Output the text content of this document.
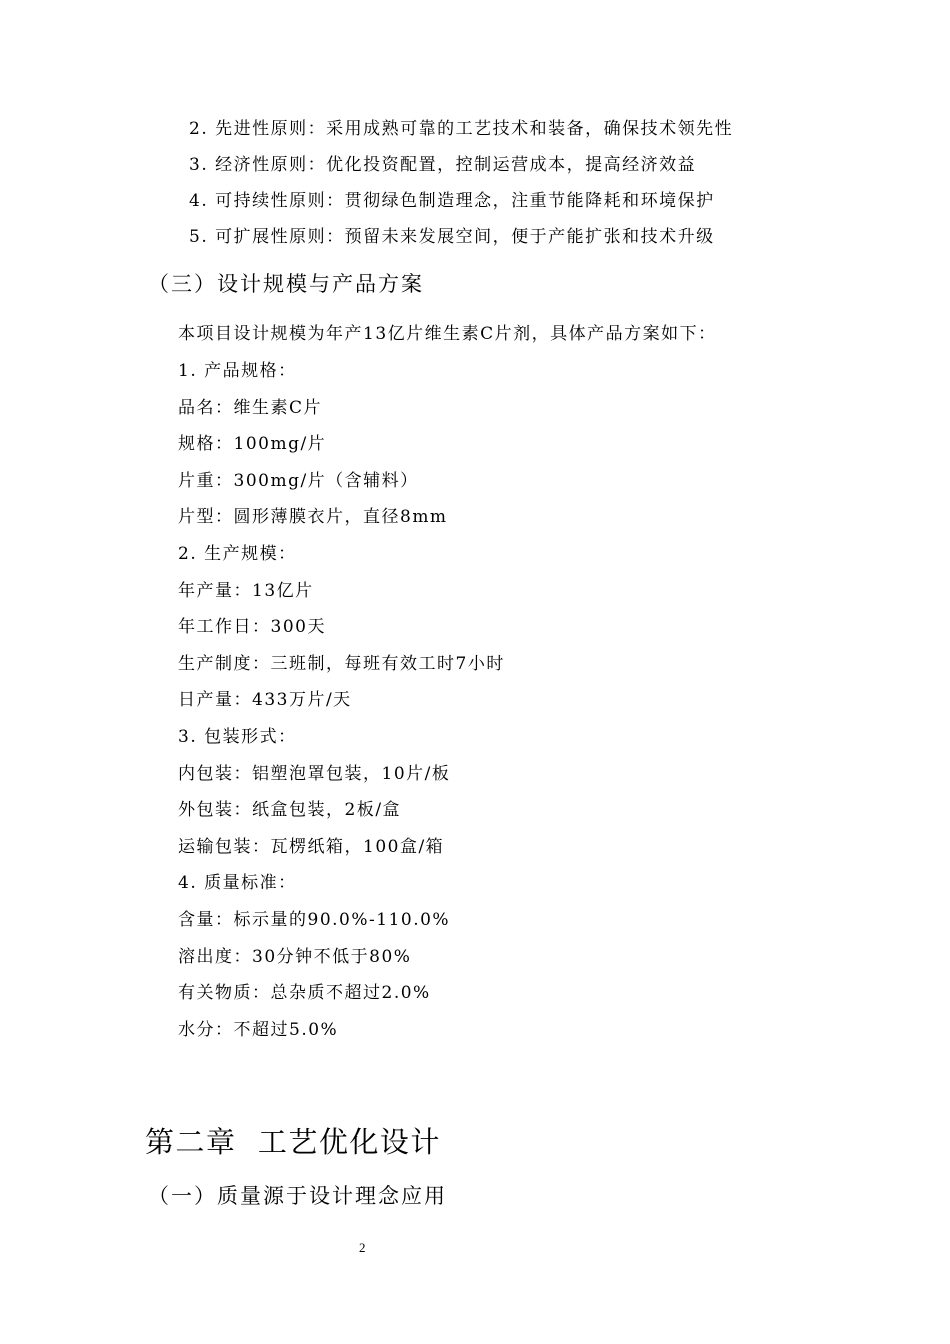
2. 先进性原则：采用成熟可靠的工艺技术和装备，确保技术领先性
3. 经济性原则：优化投资配置，控制运营成本，提高经济效益
4. 可持续性原则：贯彻绿色制造理念，注重节能降耗和环境保护
5. 可扩展性原则：预留未来发展空间，便于产能扩张和技术升级
（三）设计规模与产品方案

本项目设计规模为年产13亿片维生素C片剂，具体产品方案如下：

1. 产品规格：
品名：维生素C片
规格：100mg/片
片重：300mg/片（含辅料）
片型：圆形薄膜衣片，直径8mm
2. 生产规模：
年产量：13亿片
年工作日：300天
生产制度：三班制，每班有效工时7小时
日产量：433万片/天
3. 包装形式：
内包装：铝塑泡罩包装，10片/板
外包装：纸盒包装，2板/盒
运输包装：瓦楞纸箱，100盒/箱
4. 质量标准：
含量：标示量的90.0%-110.0%
溶出度：30分钟不低于80%
有关物质：总杂质不超过2.0%
水分：不超过5.0%
第二章  工艺优化设计
（一）质量源于设计理念应用
2
